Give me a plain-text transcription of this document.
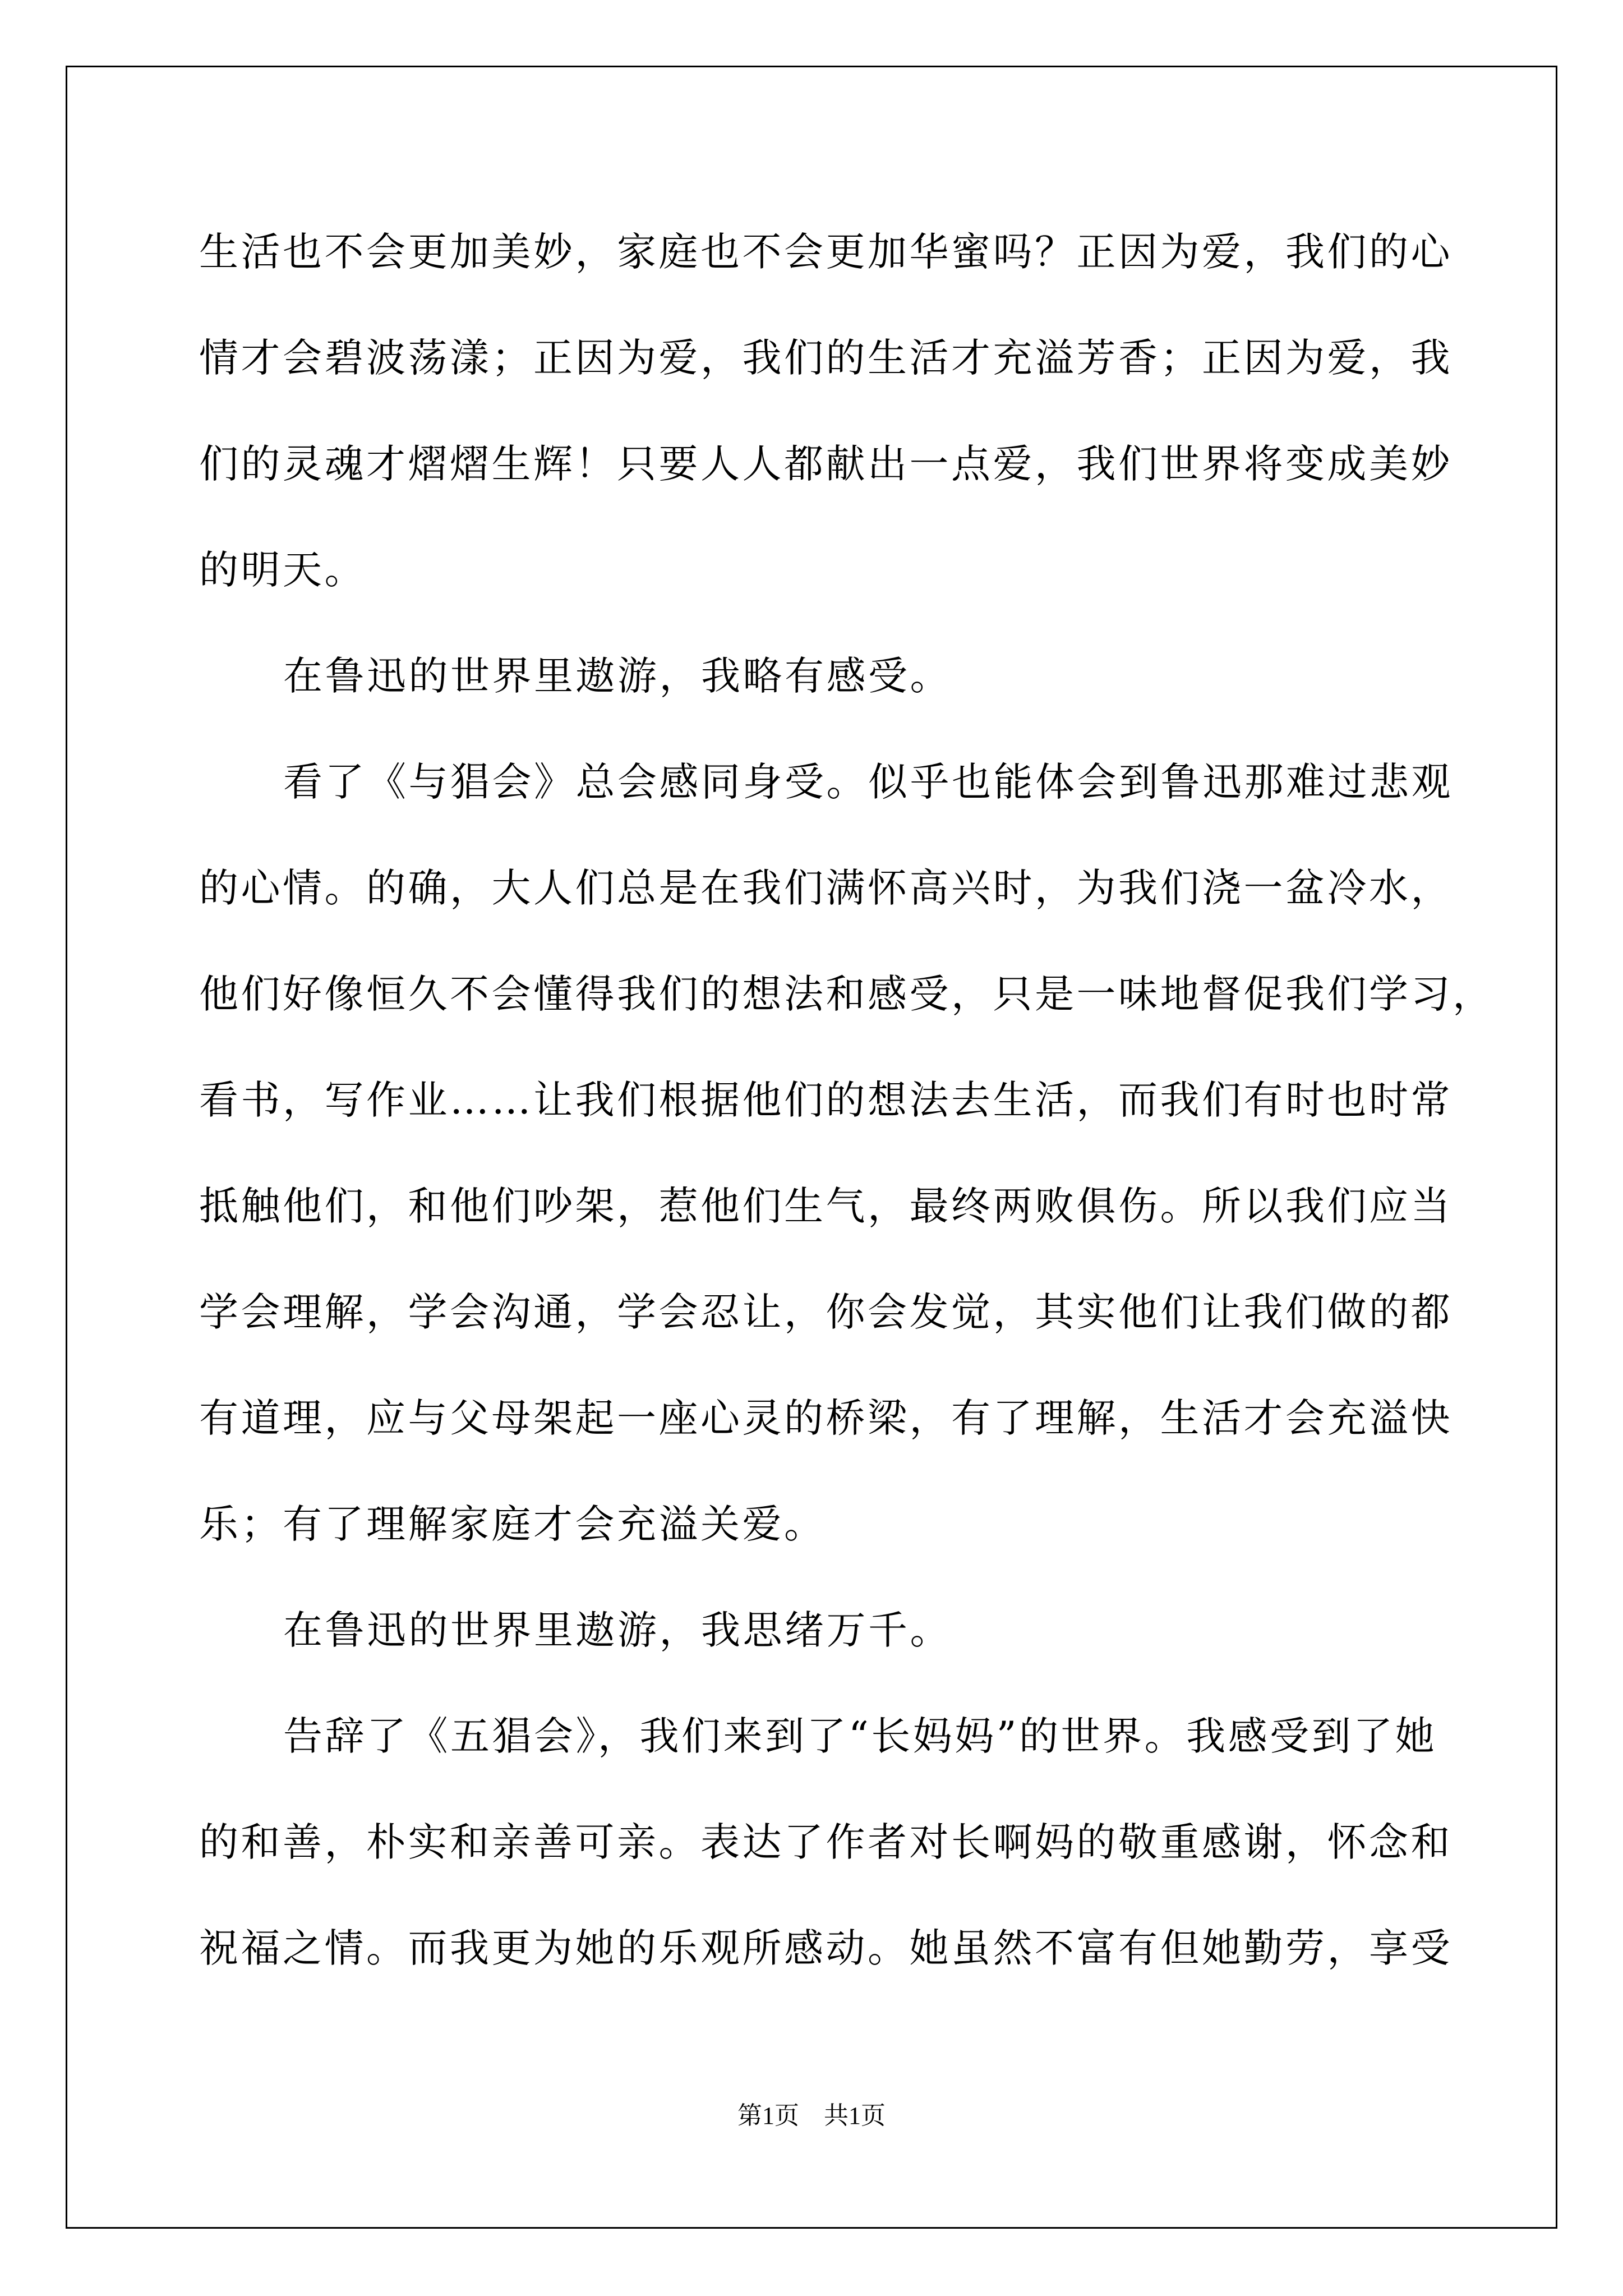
生活也不会更加美妙，家庭也不会更加华蜜吗？正因为爱，我们的心
情才会碧波荡漾；正因为爱，我们的生活才充溢芳香；正因为爱，我
们的灵魂才熠熠生辉！只要人人都献出一点爱，我们世界将变成美妙
的明天。
在鲁迅的世界里遨游，我略有感受。
看了《与猖会》总会感同身受。似乎也能体会到鲁迅那难过悲观
的心情。的确，大人们总是在我们满怀高兴时，为我们浇一盆冷水，
他们好像恒久不会懂得我们的想法和感受，只是一味地督促我们学习，
看书，写作业……让我们根据他们的想法去生活，而我们有时也时常
抵触他们，和他们吵架，惹他们生气，最终两败俱伤。所以我们应当
学会理解，学会沟通，学会忍让，你会发觉，其实他们让我们做的都
有道理，应与父母架起一座心灵的桥梁，有了理解，生活才会充溢快
乐；有了理解家庭才会充溢关爱。
在鲁迅的世界里遨游，我思绪万千。
告辞了《五猖会》，我们来到了“长妈妈”的世界。我感受到了她
的和善，朴实和亲善可亲。表达了作者对长啊妈的敬重感谢，怀念和
祝福之情。而我更为她的乐观所感动。她虽然不富有但她勤劳，享受
第1页　共1页
